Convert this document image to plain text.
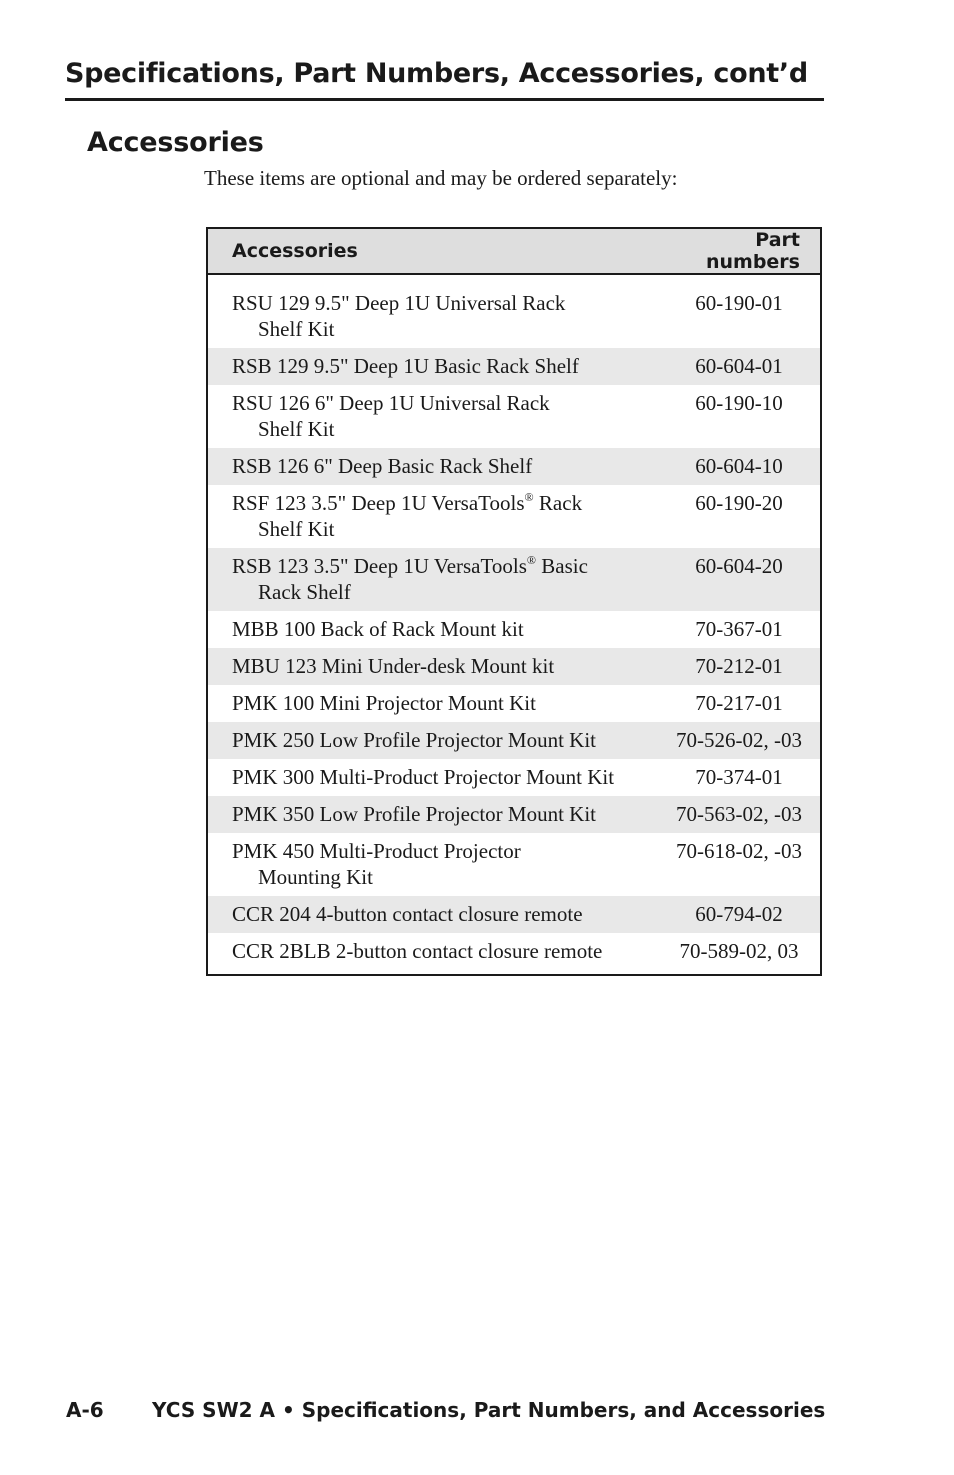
Specifications, Part Numbers, Accessories, cont’d
Accessories
These items are optional and may be ordered separately:
Accessories	Part numbers
RSU 129 9.5" Deep 1U Universal Rack
Shelf Kit	60-190-01
RSB 129 9.5" Deep 1U Basic Rack Shelf	60-604-01
RSU 126 6" Deep 1U Universal Rack
Shelf Kit	60-190-10
RSB 126 6" Deep Basic Rack Shelf	60-604-10
RSF 123 3.5" Deep 1U VersaTools® Rack
Shelf Kit	60-190-20
RSB 123 3.5" Deep 1U VersaTools® Basic
Rack Shelf	60-604-20
MBB 100 Back of Rack Mount kit	70-367-01
MBU 123 Mini Under-desk Mount kit	70-212-01
PMK 100 Mini Projector Mount Kit	70-217-01
PMK 250 Low Profile Projector Mount Kit	70-526-02, -03
PMK 300 Multi-Product Projector Mount Kit	70-374-01
PMK 350 Low Profile Projector Mount Kit	70-563-02, -03
PMK 450 Multi-Product Projector
Mounting Kit	70-618-02, -03
CCR 204 4-button contact closure remote	60-794-02
CCR 2BLB 2-button contact closure remote	70-589-02, 03
A-6 YCS SW2 A • Specifications, Part Numbers, and Accessories
